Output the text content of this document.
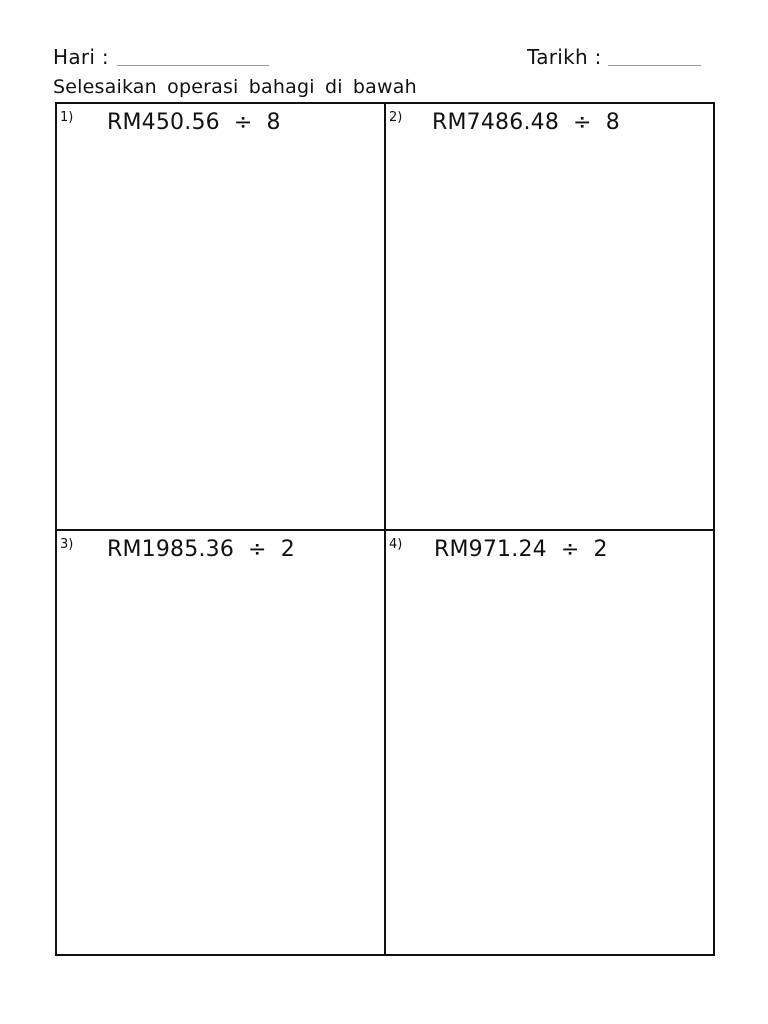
Hari :	Tarikh :
Selesaikan operasi bahagi di bawah
1) RM450.56 ÷ 8	2) RM7486.48 ÷ 8
3) RM1985.36 ÷ 2	4) RM971.24 ÷ 2
